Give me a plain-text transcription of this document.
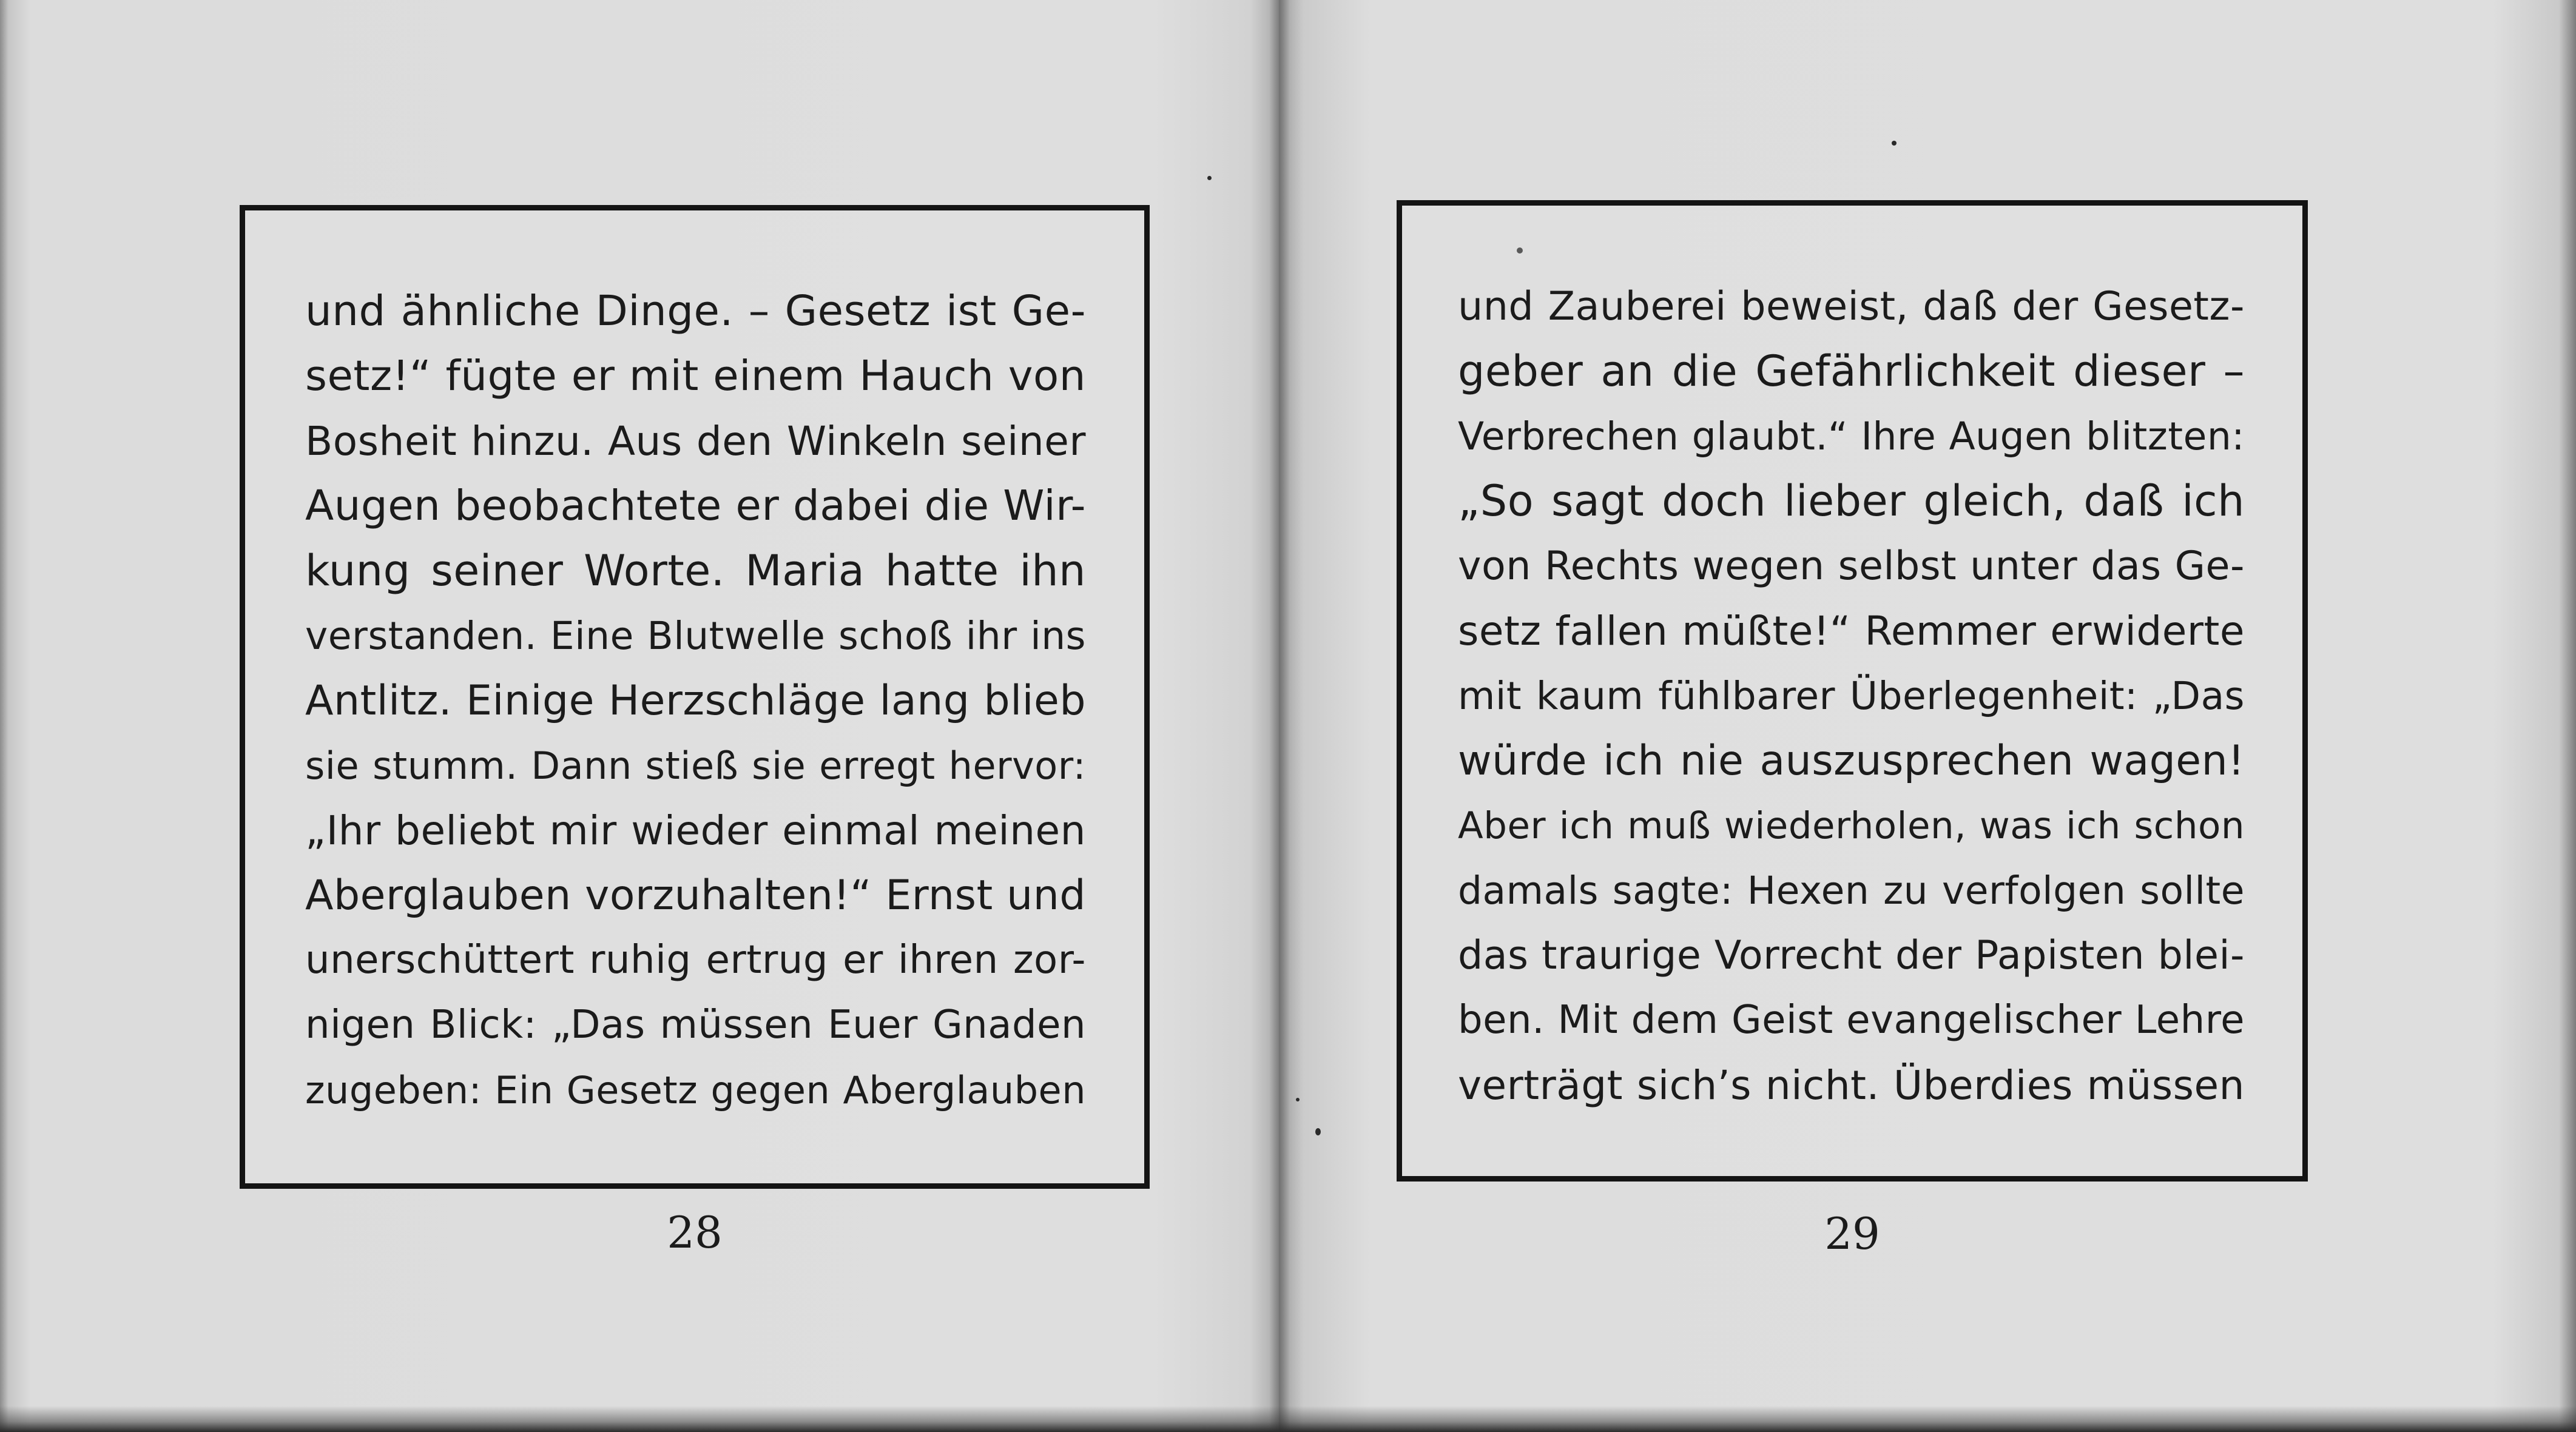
und ähnliche Dinge. – Gesetz ist Ge-
setz!“ fügte er mit einem Hauch von
Bosheit hinzu. Aus den Winkeln seiner
Augen beobachtete er dabei die Wir-
kung seiner Worte. Maria hatte ihn
verstanden. Eine Blutwelle schoß ihr ins
Antlitz. Einige Herzschläge lang blieb
sie stumm. Dann stieß sie erregt hervor:
„Ihr beliebt mir wieder einmal meinen
Aberglauben vorzuhalten!“ Ernst und
unerschüttert ruhig ertrug er ihren zor-
nigen Blick: „Das müssen Euer Gnaden
zugeben: Ein Gesetz gegen Aberglauben
28
und Zauberei beweist, daß der Gesetz-
geber an die Gefährlichkeit dieser –
Verbrechen glaubt.“ Ihre Augen blitzten:
„So sagt doch lieber gleich, daß ich
von Rechts wegen selbst unter das Ge-
setz fallen müßte!“ Remmer erwiderte
mit kaum fühlbarer Überlegenheit: „Das
würde ich nie auszusprechen wagen!
Aber ich muß wiederholen, was ich schon
damals sagte: Hexen zu verfolgen sollte
das traurige Vorrecht der Papisten blei-
ben. Mit dem Geist evangelischer Lehre
verträgt sich’s nicht. Überdies müssen
29
